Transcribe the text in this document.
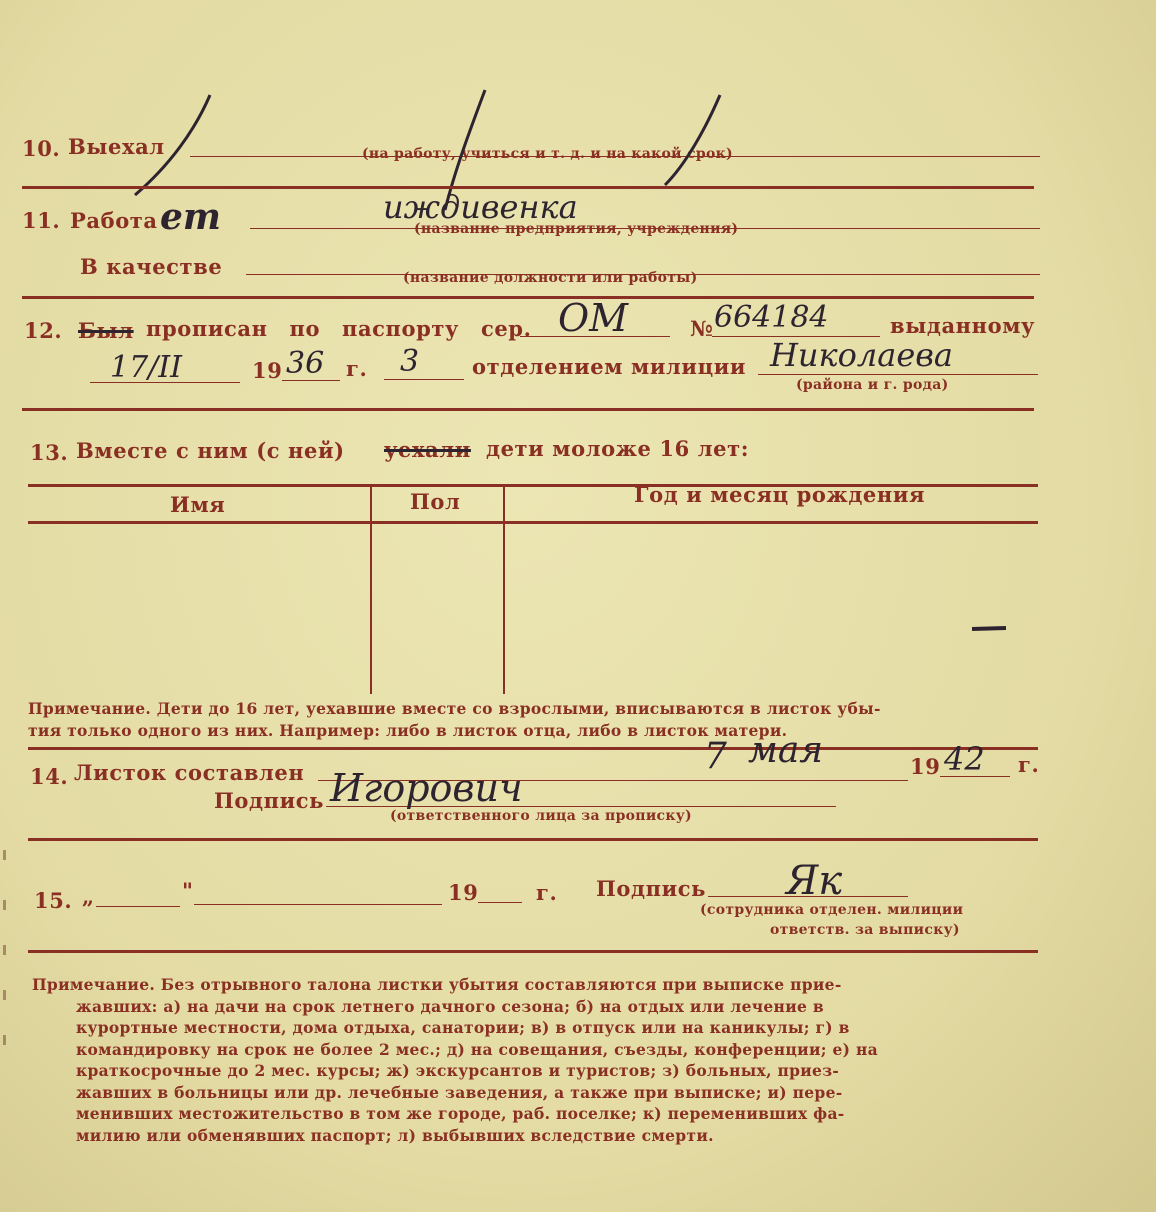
10. Выехал	(на работу, учиться и т. д. и на какой срок)
11. Работа ет	иждивенка
(название предприятия, учреждения)
В качестве	(название должности или работы)
12. Был прописан по паспорту сер. ОМ	№ 664184	выданному
17/II	19 36 г. 3	отделением милиции Николаева
(района и г. рода)
13. Вместе с ним (с ней) уехали дети моложе 16 лет:
Имя	Пол	Год и месяц рождения
Примечание. Дети до 16 лет, уехавшие вместе со взрослыми, вписываются в листок убы-
тия только одного из них. Например: либо в листок отца, либо в листок матери.
14. Листок составлен	7 мая	19 42 г.
Подпись Игорович
(ответственного лица за прописку)
15. „	"	19	г. Подпись Як
(сотрудника отделен. милиции
ответств. за выписку)
Примечание. Без отрывного талона листки убытия составляются при выписке прие-
жавших: а) на дачи на срок летнего дачного сезона; б) на отдых или лечение в
курортные местности, дома отдыха, санатории; в) в отпуск или на каникулы; г) в
командировку на срок не более 2 мес.; д) на совещания, съезды, конференции; е) на
краткосрочные до 2 мес. курсы; ж) экскурсантов и туристов; з) больных, приез-
жавших в больницы или др. лечебные заведения, а также при выписке; и) пере-
менивших местожительство в том же городе, раб. поселке; к) переменивших фа-
милию или обменявших паспорт; л) выбывших вследствие смерти.
